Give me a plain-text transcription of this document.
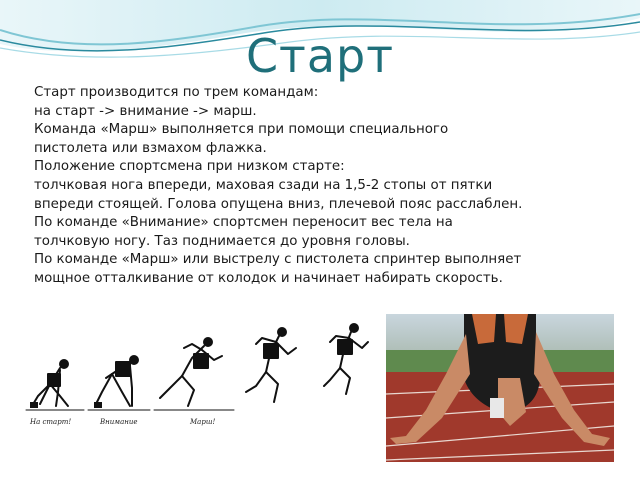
Старт

Старт производится по трем командам:

на старт -> внимание -> марш.

Команда «Марш» выполняется при помощи специального

пистолета или взмахом флажка.

Положение спортсмена при низком старте:

толчковая нога впереди, маховая сзади на 1,5-2 стопы от пятки

впереди стоящей. Голова опущена вниз, плечевой пояс расслаблен.

По команде «Внимание» спортсмен переносит вес тела на

толчковую ногу. Таз поднимается до уровня головы.

По команде «Марш» или выстрелу с пистолета спринтер выполняет

мощное отталкивание от колодок и начинает набирать скорость.

На старт!	Внимание	Марш!
